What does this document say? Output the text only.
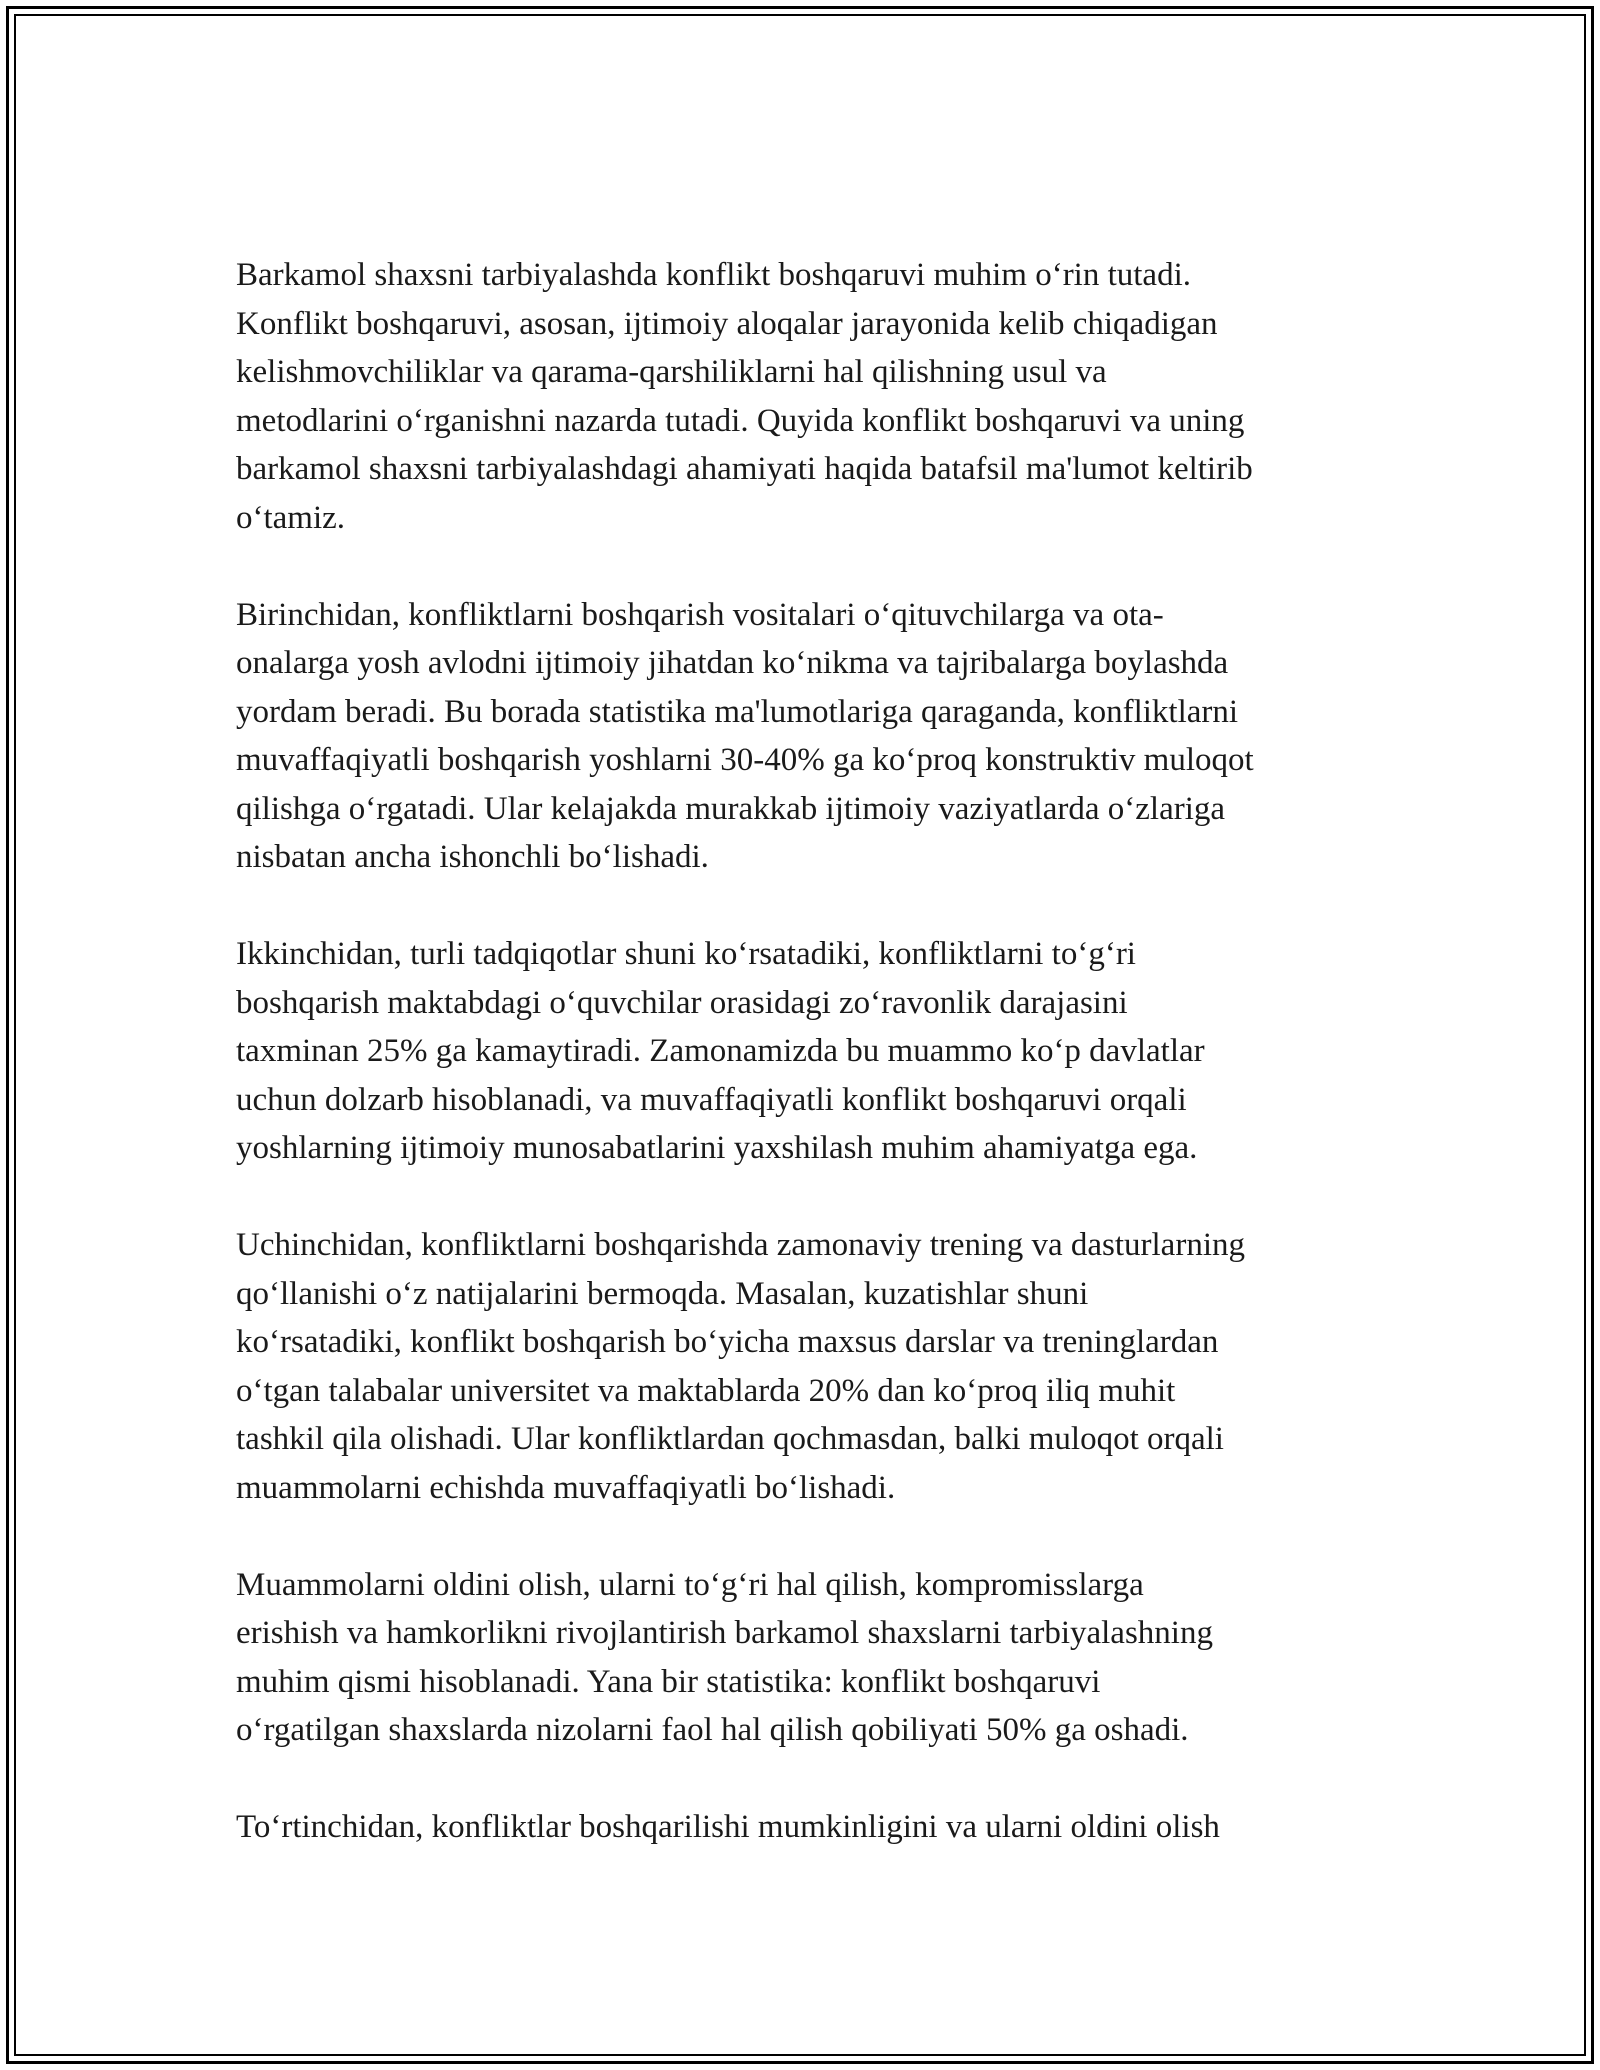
Barkamol shaxsni tarbiyalashda konflikt boshqaruvi muhim o‘rin tutadi.
Konflikt boshqaruvi, asosan, ijtimoiy aloqalar jarayonida kelib chiqadigan
kelishmovchiliklar va qarama-qarshiliklarni hal qilishning usul va
metodlarini o‘rganishni nazarda tutadi. Quyida konflikt boshqaruvi va uning
barkamol shaxsni tarbiyalashdagi ahamiyati haqida batafsil ma'lumot keltirib
o‘tamiz.

Birinchidan, konfliktlarni boshqarish vositalari o‘qituvchilarga va ota-
onalarga yosh avlodni ijtimoiy jihatdan ko‘nikma va tajribalarga boylashda
yordam beradi. Bu borada statistika ma'lumotlariga qaraganda, konfliktlarni
muvaffaqiyatli boshqarish yoshlarni 30-40% ga ko‘proq konstruktiv muloqot
qilishga o‘rgatadi. Ular kelajakda murakkab ijtimoiy vaziyatlarda o‘zlariga
nisbatan ancha ishonchli bo‘lishadi.

Ikkinchidan, turli tadqiqotlar shuni ko‘rsatadiki, konfliktlarni to‘g‘ri
boshqarish maktabdagi o‘quvchilar orasidagi zo‘ravonlik darajasini
taxminan 25% ga kamaytiradi. Zamonamizda bu muammo ko‘p davlatlar
uchun dolzarb hisoblanadi, va muvaffaqiyatli konflikt boshqaruvi orqali
yoshlarning ijtimoiy munosabatlarini yaxshilash muhim ahamiyatga ega.

Uchinchidan, konfliktlarni boshqarishda zamonaviy trening va dasturlarning
qo‘llanishi o‘z natijalarini bermoqda. Masalan, kuzatishlar shuni
ko‘rsatadiki, konflikt boshqarish bo‘yicha maxsus darslar va treninglardan
o‘tgan talabalar universitet va maktablarda 20% dan ko‘proq iliq muhit
tashkil qila olishadi. Ular konfliktlardan qochmasdan, balki muloqot orqali
muammolarni echishda muvaffaqiyatli bo‘lishadi.

Muammolarni oldini olish, ularni to‘g‘ri hal qilish, kompromisslarga
erishish va hamkorlikni rivojlantirish barkamol shaxslarni tarbiyalashning
muhim qismi hisoblanadi. Yana bir statistika: konflikt boshqaruvi
o‘rgatilgan shaxslarda nizolarni faol hal qilish qobiliyati 50% ga oshadi.

To‘rtinchidan, konfliktlar boshqarilishi mumkinligini va ularni oldini olish
